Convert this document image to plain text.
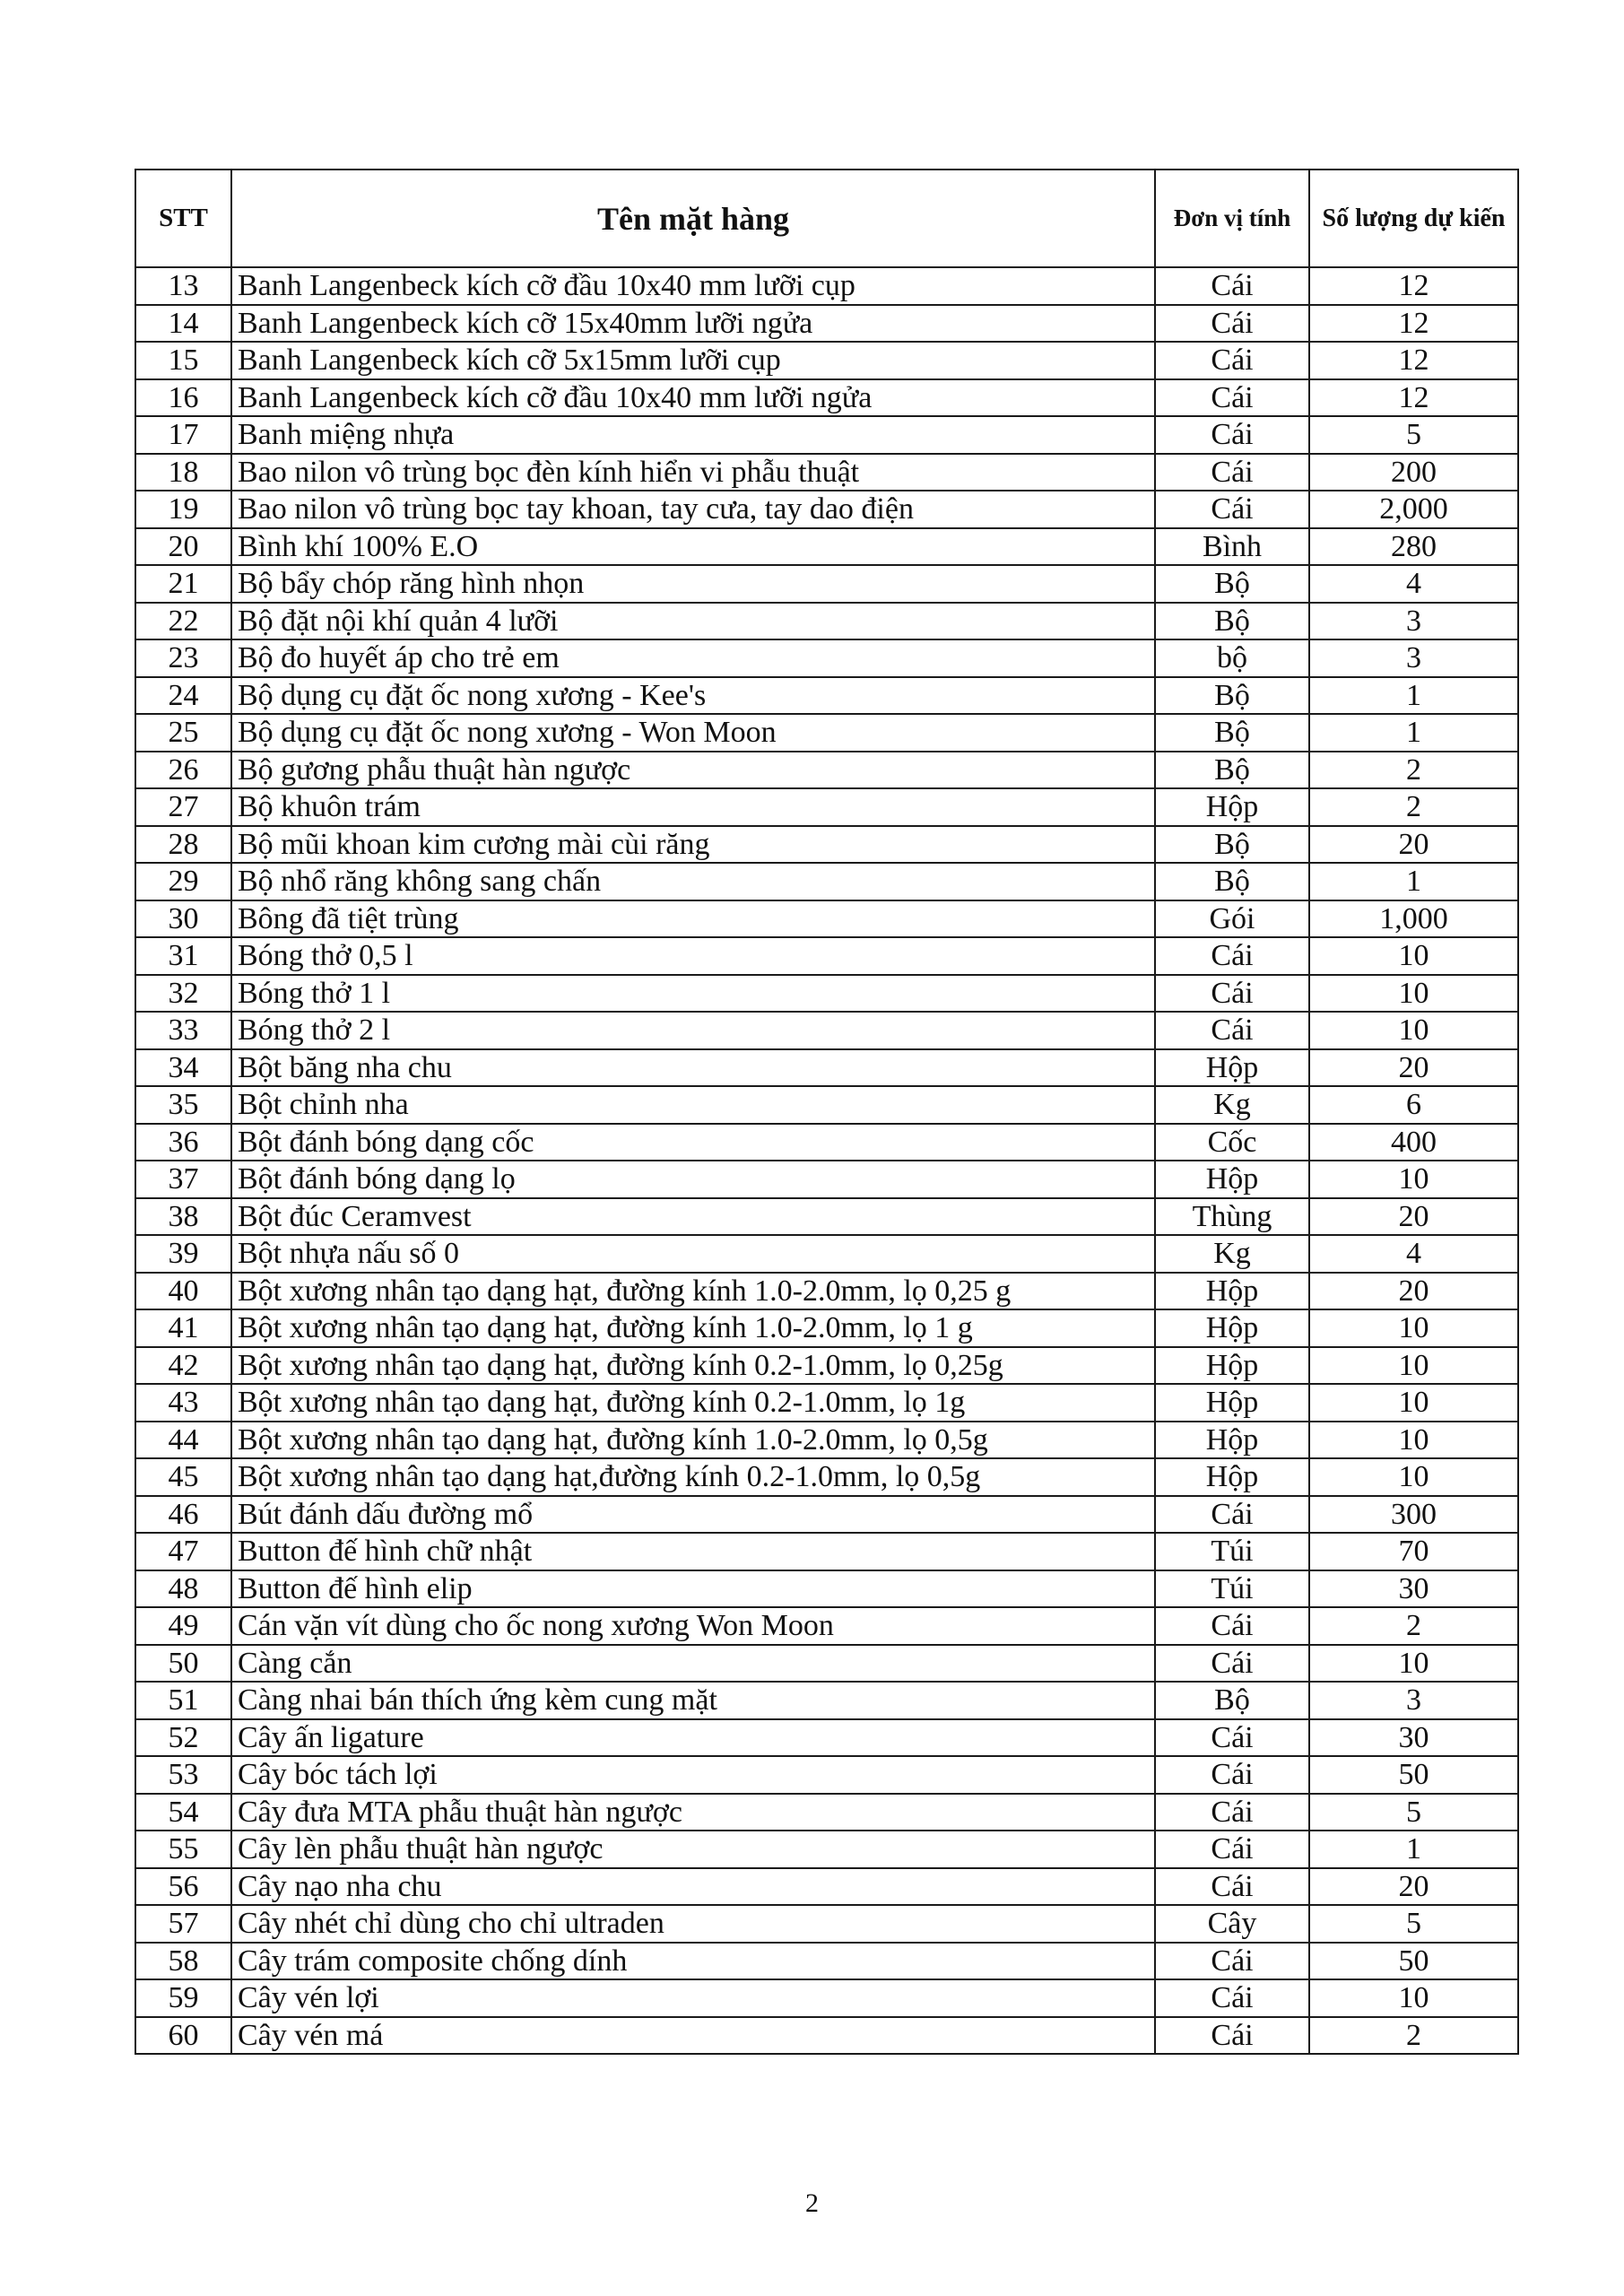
STT	Tên mặt hàng	Đơn vị tính	Số lượng dự kiến
13	Banh Langenbeck kích cỡ đầu 10x40 mm lưỡi cụp	Cái	12
14	Banh Langenbeck kích cỡ 15x40mm lưỡi ngửa	Cái	12
15	Banh Langenbeck kích cỡ 5x15mm lưỡi cụp	Cái	12
16	Banh Langenbeck kích cỡ đầu 10x40 mm lưỡi ngửa	Cái	12
17	Banh miệng nhựa	Cái	5
18	Bao nilon vô trùng bọc đèn kính hiển vi phẫu thuật	Cái	200
19	Bao nilon vô trùng bọc tay khoan, tay cưa, tay dao điện	Cái	2,000
20	Bình khí 100% E.O	Bình	280
21	Bộ bẩy chóp răng hình nhọn	Bộ	4
22	Bộ đặt nội khí quản 4 lưỡi	Bộ	3
23	Bộ đo huyết áp cho trẻ em	bộ	3
24	Bộ dụng cụ đặt ốc nong xương - Kee's	Bộ	1
25	Bộ dụng cụ đặt ốc nong xương - Won Moon	Bộ	1
26	Bộ gương phẫu thuật hàn ngược	Bộ	2
27	Bộ khuôn trám	Hộp	2
28	Bộ mũi khoan kim cương mài cùi răng	Bộ	20
29	Bộ nhổ răng không sang chấn	Bộ	1
30	Bông đã tiệt trùng	Gói	1,000
31	Bóng thở 0,5 l	Cái	10
32	Bóng thở 1 l	Cái	10
33	Bóng thở 2 l	Cái	10
34	Bột băng nha chu	Hộp	20
35	Bột chỉnh nha	Kg	6
36	Bột đánh bóng dạng cốc	Cốc	400
37	Bột đánh bóng dạng lọ	Hộp	10
38	Bột đúc Ceramvest	Thùng	20
39	Bột nhựa nấu số 0	Kg	4
40	Bột xương nhân tạo dạng hạt, đường kính 1.0-2.0mm, lọ 0,25 g	Hộp	20
41	Bột xương nhân tạo dạng hạt, đường kính 1.0-2.0mm, lọ 1 g	Hộp	10
42	Bột xương nhân tạo dạng hạt, đường kính 0.2-1.0mm, lọ 0,25g	Hộp	10
43	Bột xương nhân tạo dạng hạt, đường kính 0.2-1.0mm, lọ 1g	Hộp	10
44	Bột xương nhân tạo dạng hạt, đường kính 1.0-2.0mm, lọ 0,5g	Hộp	10
45	Bột xương nhân tạo dạng hạt,đường kính 0.2-1.0mm, lọ 0,5g	Hộp	10
46	Bút đánh dấu đường mổ	Cái	300
47	Button đế hình chữ nhật	Túi	70
48	Button đế hình elip	Túi	30
49	Cán vặn vít dùng cho ốc nong xương Won Moon	Cái	2
50	Càng cắn	Cái	10
51	Càng nhai bán thích ứng kèm cung mặt	Bộ	3
52	Cây ấn ligature	Cái	30
53	Cây bóc tách lợi	Cái	50
54	Cây đưa MTA phẫu thuật hàn ngược	Cái	5
55	Cây lèn phẫu thuật hàn ngược	Cái	1
56	Cây nạo nha chu	Cái	20
57	Cây nhét chỉ dùng cho chỉ ultraden	Cây	5
58	Cây trám composite chống dính	Cái	50
59	Cây vén lợi	Cái	10
60	Cây vén má	Cái	2
2
